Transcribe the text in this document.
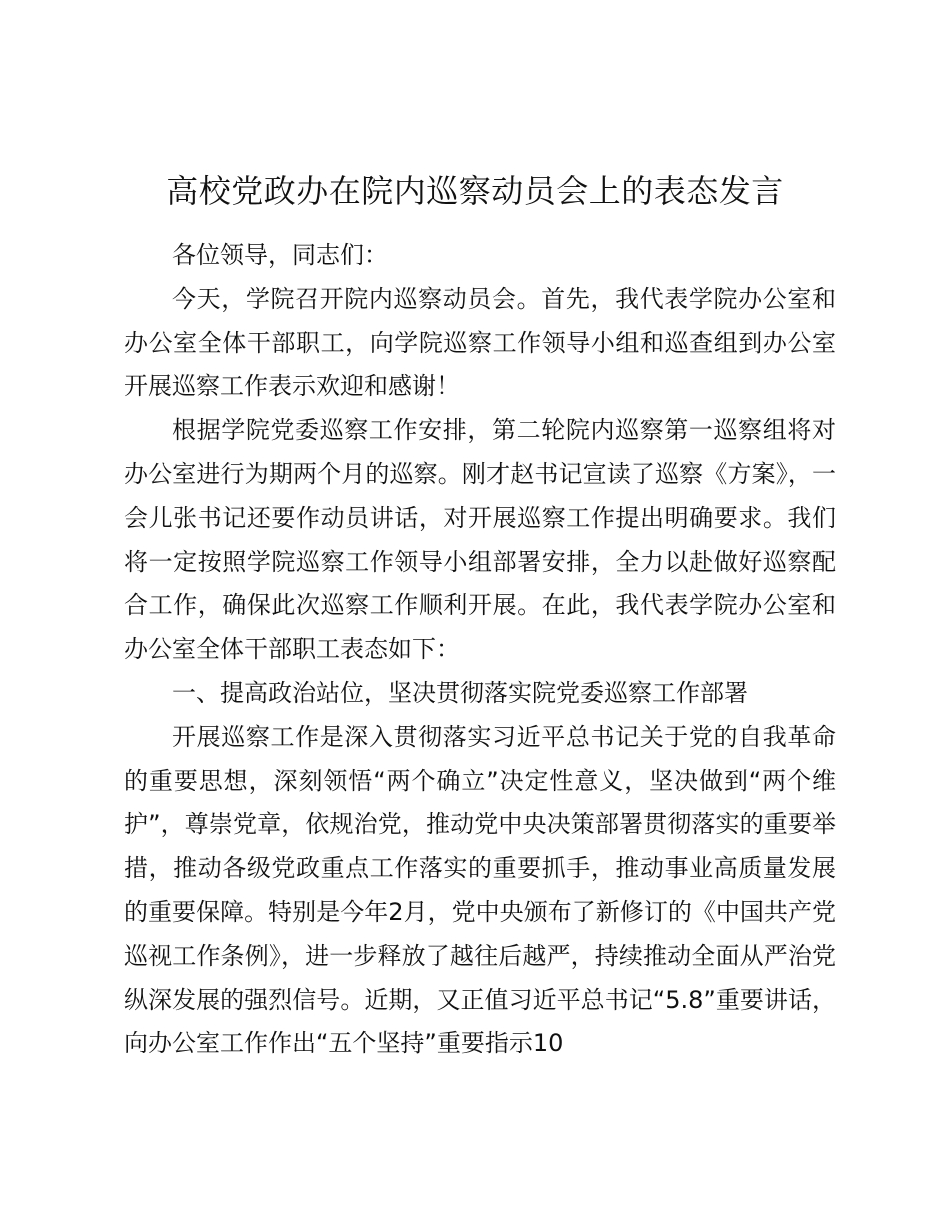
高校党政办在院内巡察动员会上的表态发言

各位领导，同志们：

今天，学院召开院内巡察动员会。首先，我代表学院办公室和办公室全体干部职工，向学院巡察工作领导小组和巡查组到办公室开展巡察工作表示欢迎和感谢！

根据学院党委巡察工作安排，第二轮院内巡察第一巡察组将对办公室进行为期两个月的巡察。刚才赵书记宣读了巡察《方案》，一会儿张书记还要作动员讲话，对开展巡察工作提出明确要求。我们将一定按照学院巡察工作领导小组部署安排，全力以赴做好巡察配合工作，确保此次巡察工作顺利开展。在此，我代表学院办公室和办公室全体干部职工表态如下：

一、提高政治站位，坚决贯彻落实院党委巡察工作部署

开展巡察工作是深入贯彻落实习近平总书记关于党的自我革命的重要思想，深刻领悟“两个确立”决定性意义，坚决做到“两个维护”，尊崇党章，依规治党，推动党中央决策部署贯彻落实的重要举措，推动各级党政重点工作落实的重要抓手，推动事业高质量发展的重要保障。特别是今年2月，党中央颁布了新修订的《中国共产党巡视工作条例》，进一步释放了越往后越严，持续推动全面从严治党纵深发展的强烈信号。近期，又正值习近平总书记“5.8”重要讲话，向办公室工作作出“五个坚持”重要指示10
